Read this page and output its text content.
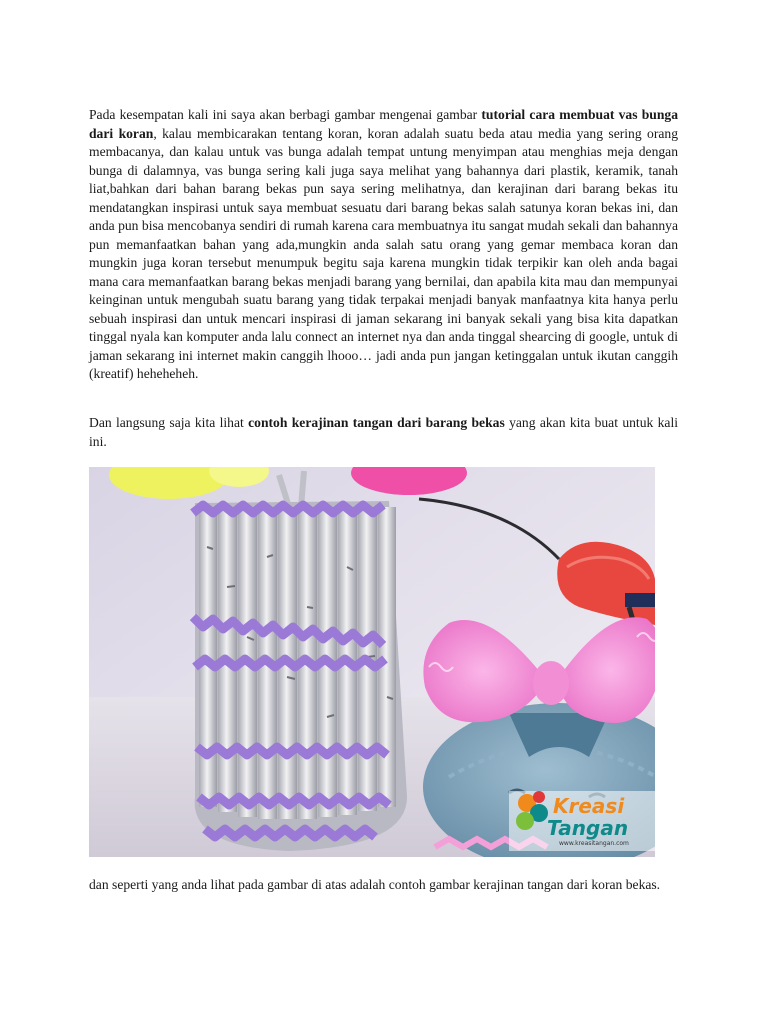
Pada kesempatan kali ini saya akan berbagi gambar mengenai gambar tutorial cara membuat vas bunga dari koran, kalau membicarakan tentang koran, koran adalah suatu beda atau media yang sering orang membacanya, dan kalau untuk vas bunga adalah tempat untung menyimpan atau menghias meja dengan bunga di dalamnya, vas bunga sering kali juga saya melihat yang bahannya dari plastik, keramik, tanah liat,bahkan dari bahan barang bekas pun saya sering melihatnya, dan kerajinan dari barang bekas itu mendatangkan inspirasi untuk saya membuat sesuatu dari barang bekas salah satunya koran bekas ini, dan anda pun bisa mencobanya sendiri di rumah karena cara membuatnya itu sangat mudah sekali dan bahannya pun memanfaatkan bahan yang ada,mungkin anda salah satu orang yang gemar membaca koran dan mungkin juga koran tersebut menumpuk begitu saja karena mungkin tidak terpikir kan oleh anda bagai mana cara memanfaatkan barang bekas menjadi barang yang bernilai, dan apabila kita mau dan mempunyai keinginan untuk mengubah suatu barang yang tidak terpakai menjadi banyak manfaatnya kita hanya perlu sebuah inspirasi dan untuk mencari inspirasi di jaman sekarang ini banyak sekali yang bisa kita dapatkan tinggal nyala kan komputer anda lalu connect an internet nya dan anda tinggal shearcing di google, untuk di jaman sekarang ini internet makin canggih lhooo… jadi anda pun jangan ketinggalan untuk ikutan canggih (kreatif) heheheheh.

Dan langsung saja kita lihat contoh kerajinan tangan dari barang bekas yang akan kita buat untuk kali ini.

Kreasi
Tangan
www.kreasitangan.com

dan seperti yang anda lihat pada gambar di atas adalah contoh gambar kerajinan tangan dari koran bekas.
